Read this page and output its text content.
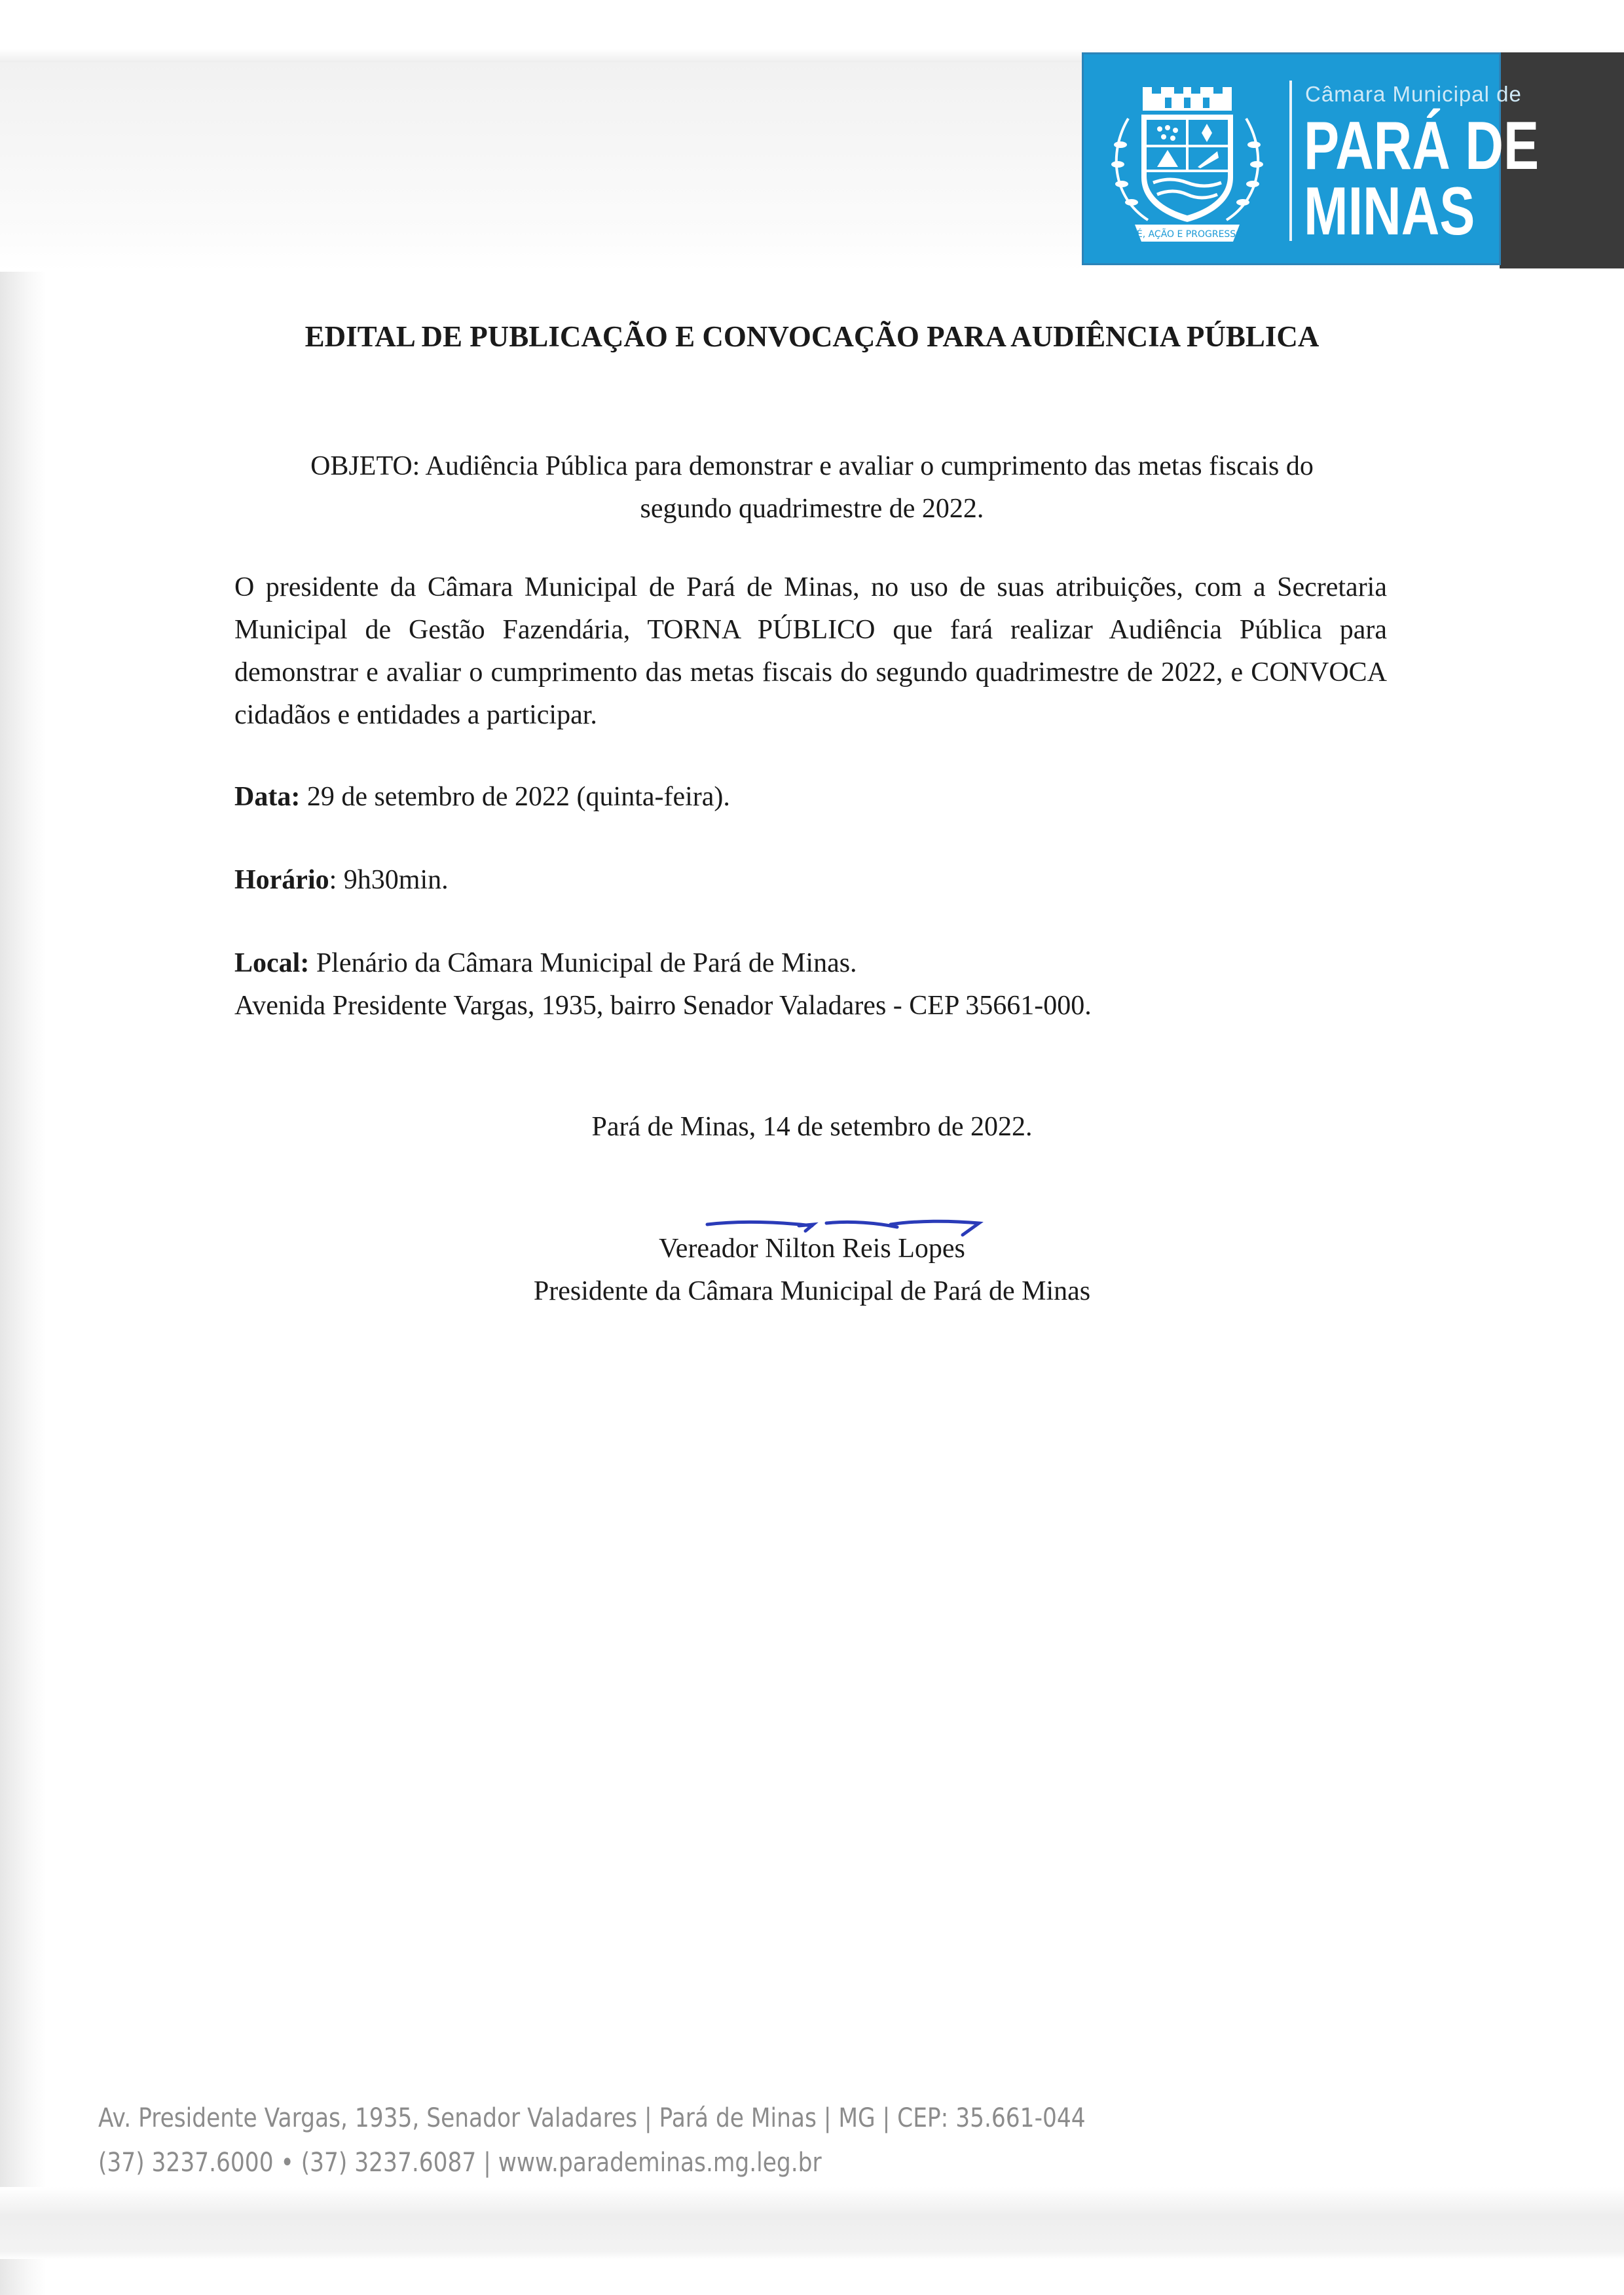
FÉ, AÇÃO E PROGRESSO
Câmara Municipal de
PARÁ DE
MINAS
EDITAL DE PUBLICAÇÃO E CONVOCAÇÃO PARA AUDIÊNCIA PÚBLICA
OBJETO: Audiência Pública para demonstrar e avaliar o cumprimento das metas fiscais do
segundo quadrimestre de 2022.
O presidente da Câmara Municipal de Pará de Minas, no uso de suas atribuições, com a Secretaria Municipal de Gestão Fazendária, TORNA PÚBLICO que fará realizar Audiência Pública para demonstrar e avaliar o cumprimento das metas fiscais do segundo quadrimestre de 2022, e CONVOCA cidadãos e entidades a participar.
Data: 29 de setembro de 2022 (quinta-feira).
Horário: 9h30min.
Local: Plenário da Câmara Municipal de Pará de Minas.
Avenida Presidente Vargas, 1935, bairro Senador Valadares - CEP 35661-000.
Pará de Minas, 14 de setembro de 2022.
Vereador Nilton Reis Lopes
Presidente da Câmara Municipal de Pará de Minas
Av. Presidente Vargas, 1935, Senador Valadares | Pará de Minas | MG | CEP: 35.661-044
(37) 3237.6000 • (37) 3237.6087 | www.parademinas.mg.leg.br
